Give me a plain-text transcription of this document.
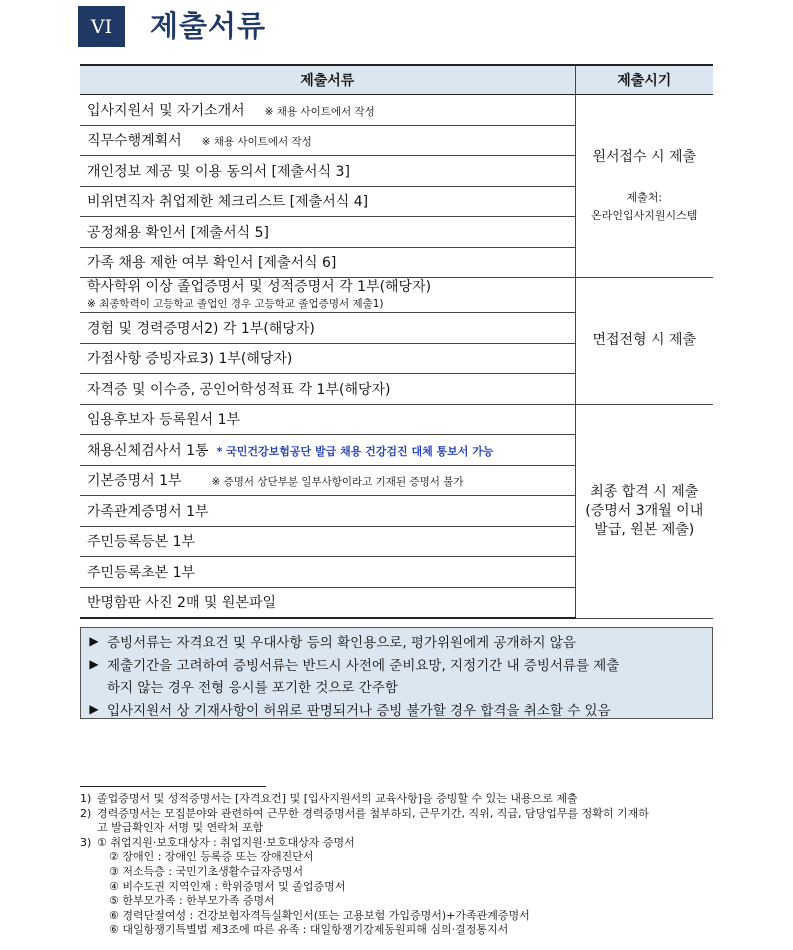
VI 제출서류
제출서류	제출시기
입사지원서 및 자기소개서 ※ 채용 사이트에서 작성	원서접수 시 제출
제출처:
온라인입사지원시스템

직무수행계획서 ※ 채용 사이트에서 작성	
개인정보 제공 및 이용 동의서 [제출서식 3]	
비위면직자 취업제한 체크리스트 [제출서식 4]	
공정채용 확인서 [제출서식 5]	
가족 채용 제한 여부 확인서 [제출서식 6]	

학사학위 이상 졸업증명서 및 성적증명서 각 1부(해당자)
※ 최종학력이 고등학교 졸업인 경우 고등학교 졸업증명서 제출1)	면접전형 시 제출
경험 및 경력증명서2) 각 1부(해당자)	
가점사항 증빙자료3) 1부(해당자)	
자격증 및 이수증, 공인어학성적표 각 1부(해당자)	
임용후보자 등록원서 1부	최종 합격 시 제출
(증명서 3개월 이내
발급, 원본 제출)

채용신체검사서 1통 * 국민건강보험공단 발급 채용 건강검진 대체 통보서 가능	
기본증명서 1부 ※ 증명서 상단부분 일부사항이라고 기재된 증명서 불가	
가족관계증명서 1부	
주민등록등본 1부	
주민등록초본 1부	
반명함판 사진 2매 및 원본파일	
▶ 증빙서류는 자격요건 및 우대사항 등의 확인용으로, 평가위원에게 공개하지 않음
▶ 제출기간을 고려하여 증빙서류는 반드시 사전에 준비요망, 지정기간 내 증빙서류를 제출
하지 않는 경우 전형 응시를 포기한 것으로 간주함
▶ 입사지원서 상 기재사항이 허위로 판명되거나 증빙 불가할 경우 합격을 취소할 수 있음
1) 졸업증명서 및 성적증명서는 [자격요건] 및 [입사지원서의 교육사항]을 증빙할 수 있는 내용으로 제출
2) 경력증명서는 모집분야와 관련하여 근무한 경력증명서를 첨부하되, 근무기간, 직위, 직급, 담당업무를 정확히 기재하
고 발급확인자 서명 및 연락처 포함
3) ① 취업지원·보호대상자 : 취업지원·보호대상자 증명서
② 장애인 : 장애인 등록증 또는 장애진단서
③ 저소득층 : 국민기초생활수급자증명서
④ 비수도권 지역인재 : 학위증명서 및 졸업증명서
⑤ 한부모가족 : 한부모가족 증명서
⑥ 경력단절여성 : 건강보험자격득실확인서(또는 고용보험 가입증명서)+가족관계증명서
⑥ 대일항쟁기특별법 제3조에 따른 유족 : 대일항쟁기강제동원피해 심의·결정통지서
